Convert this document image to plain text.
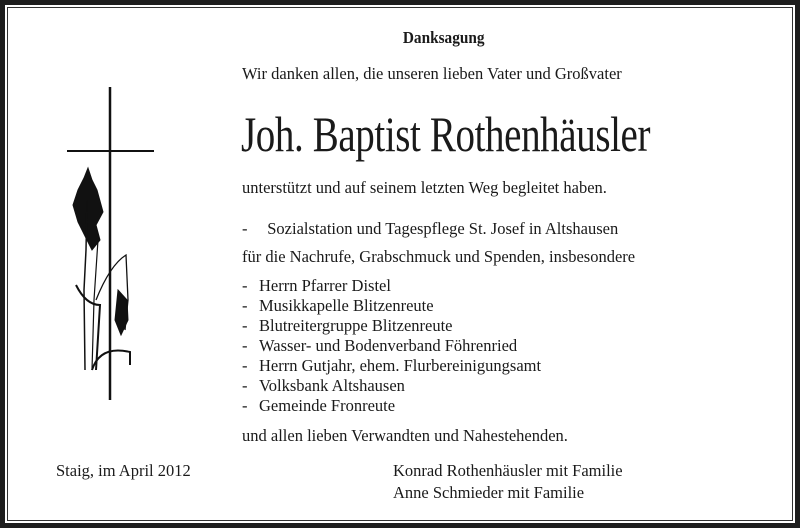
Danksagung
Wir danken allen, die unseren lieben Vater und Großvater
Joh. Baptist Rothenhäusler
unterstützt und auf seinem letzten Weg begleitet haben.
- Sozialstation und Tagespflege St. Josef in Altshausen
für die Nachrufe, Grabschmuck und Spenden, insbesondere
- Herrn Pfarrer Distel
- Musikkapelle Blitzenreute
- Blutreitergruppe Blitzenreute
- Wasser- und Bodenverband Föhrenried
- Herrn Gutjahr, ehem. Flurbereinigungsamt
- Volksbank Altshausen
- Gemeinde Fronreute
und allen lieben Verwandten und Nahestehenden.
Staig, im April 2012	Konrad Rothenhäusler mit Familie
Anne Schmieder mit Familie
